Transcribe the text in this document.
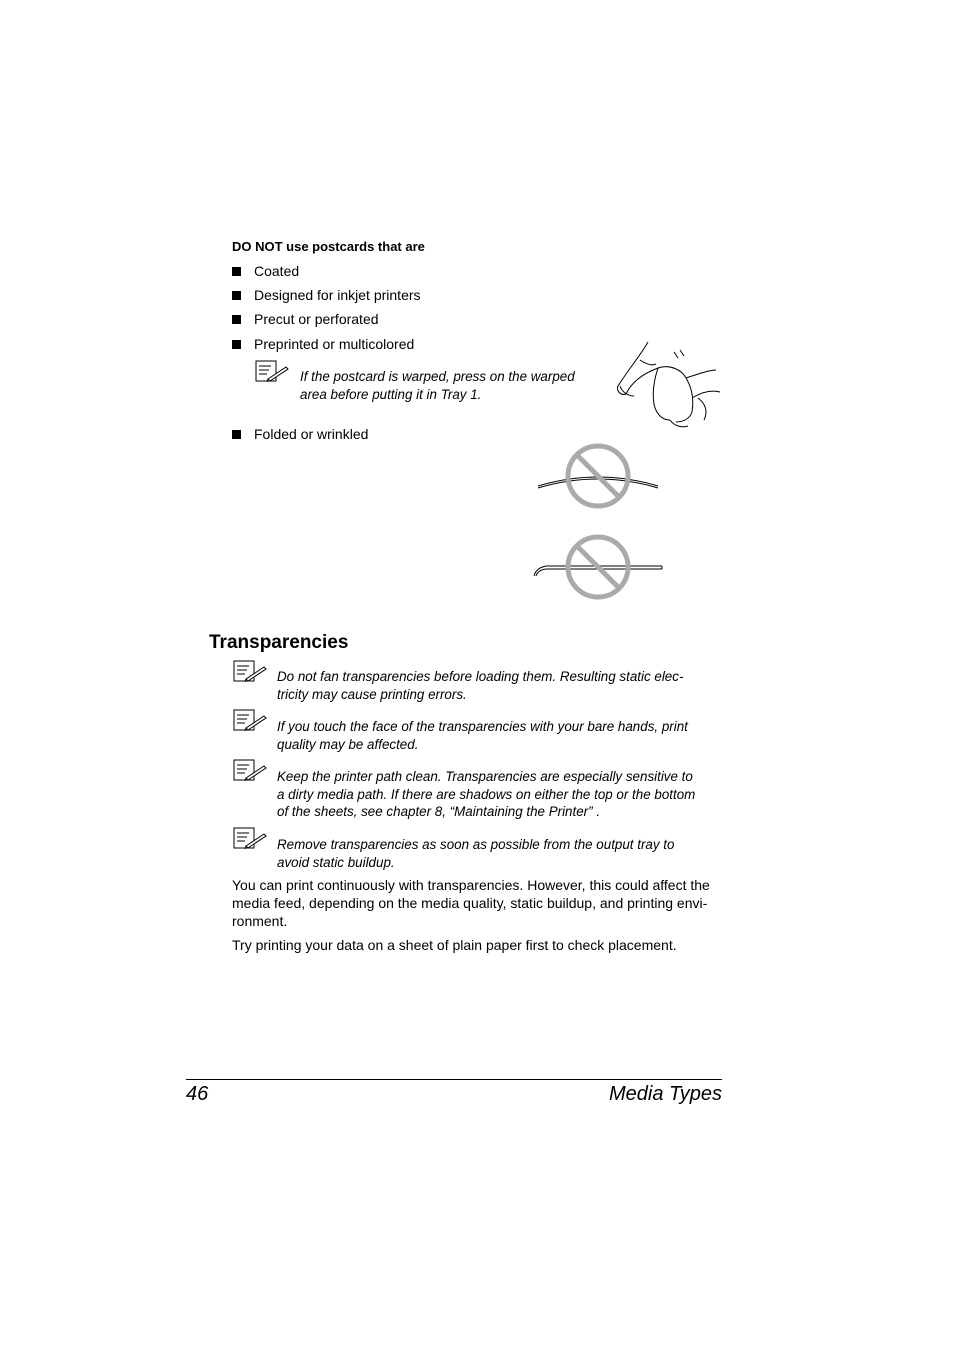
DO NOT use postcards that are
Coated
Designed for inkjet printers
Precut or perforated
Preprinted or multicolored
If the postcard is warped, press on the warped
area before putting it in Tray 1.
Folded or wrinkled
Transparencies
Do not fan transparencies before loading them. Resulting static elec-
tricity may cause printing errors.
If you touch the face of the transparencies with your bare hands, print
quality may be affected.
Keep the printer path clean. Transparencies are especially sensitive to
a dirty media path. If there are shadows on either the top or the bottom
of the sheets, see chapter 8, “Maintaining the Printer” .
Remove transparencies as soon as possible from the output tray to
avoid static buildup.
You can print continuously with transparencies. However, this could affect the
media feed, depending on the media quality, static buildup, and printing envi-
ronment.
Try printing your data on a sheet of plain paper first to check placement.
46	Media Types
